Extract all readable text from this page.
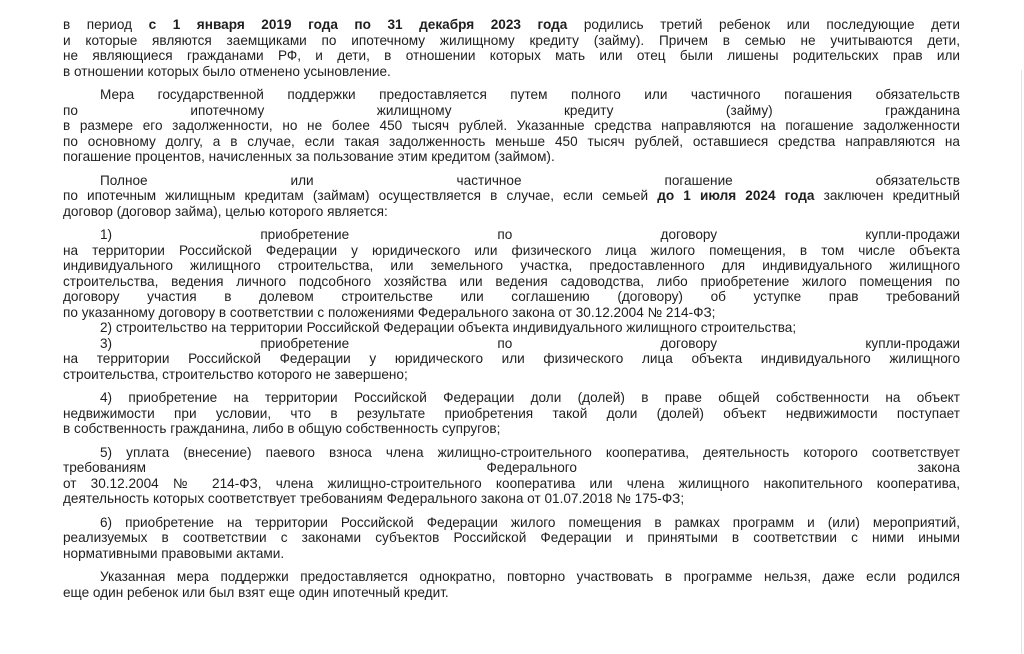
в период с 1 января 2019 года по 31 декабря 2023 года родились третий ребенок или последующие дети
и которые являются заемщиками по ипотечному жилищному кредиту (займу). Причем в семью не учитываются дети,
не являющиеся гражданами РФ, и дети, в отношении которых мать или отец были лишены родительских прав или
в отношении которых было отменено усыновление.
Мера государственной поддержки предоставляется путем полного или частичного погашения обязательств
по ипотечному жилищному кредиту (займу) гражданина
в размере его задолженности, но не более 450 тысяч рублей. Указанные средства направляются на погашение задолженности
по основному долгу, а в случае, если такая задолженность меньше 450 тысяч рублей, оставшиеся средства направляются на
погашение процентов, начисленных за пользование этим кредитом (займом).
Полное или частичное погашение обязательств
по ипотечным жилищным кредитам (займам) осуществляется в случае, если семьей до 1 июля 2024 года заключен кредитный
договор (договор займа), целью которого является:
1) приобретение по договору купли-продажи
на территории Российской Федерации у юридического или физического лица жилого помещения, в том числе объекта
индивидуального жилищного строительства, или земельного участка, предоставленного для индивидуального жилищного
строительства, ведения личного подсобного хозяйства или ведения садоводства, либо приобретение жилого помещения по
договору участия в долевом строительстве или соглашению (договору) об уступке прав требований
по указанному договору в соответствии с положениями Федерального закона от 30.12.2004 № 214-ФЗ;
2) строительство на территории Российской Федерации объекта индивидуального жилищного строительства;
3) приобретение по договору купли-продажи
на территории Российской Федерации у юридического или физического лица объекта индивидуального жилищного
строительства, строительство которого не завершено;
4) приобретение на территории Российской Федерации доли (долей) в праве общей собственности на объект
недвижимости при условии, что в результате приобретения такой доли (долей) объект недвижимости поступает
в собственность гражданина, либо в общую собственность супругов;
5) уплата (внесение) паевого взноса члена жилищно-строительного кооператива, деятельность которого соответствует
требованиям Федерального закона
от 30.12.2004 № 214-ФЗ, члена жилищно-строительного кооператива или члена жилищного накопительного кооператива,
деятельность которых соответствует требованиям Федерального закона от 01.07.2018 № 175-ФЗ;
6) приобретение на территории Российской Федерации жилого помещения в рамках программ и (или) мероприятий,
реализуемых в соответствии с законами субъектов Российской Федерации и принятыми в соответствии с ними иными
нормативными правовыми актами.
Указанная мера поддержки предоставляется однократно, повторно участвовать в программе нельзя, даже если родился
еще один ребенок или был взят еще один ипотечный кредит.
